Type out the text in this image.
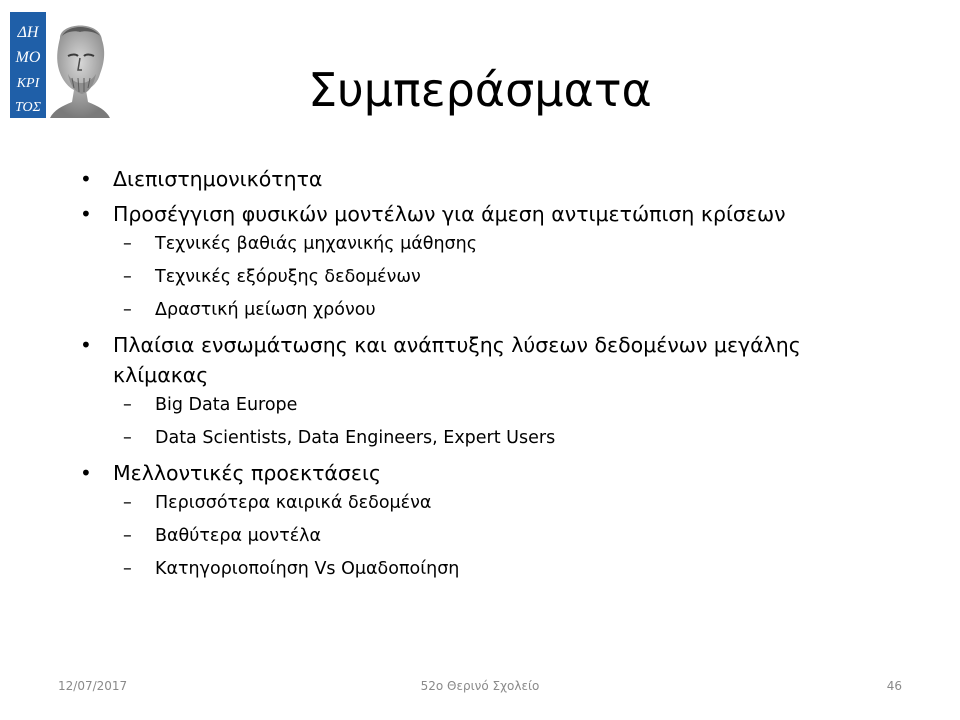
ΔΗ
ΜΟ
ΚΡΙ
ΤΟΣ	Συμπεράσματα
• Διεπιστημονικότητα
• Προσέγγιση φυσικών μοντέλων για άμεση αντιμετώπιση κρίσεων
– Τεχνικές βαθιάς μηχανικής μάθησης
– Τεχνικές εξόρυξης δεδομένων
– Δραστική μείωση χρόνου
• Πλαίσια ενσωμάτωσης και ανάπτυξης λύσεων δεδομένων μεγάλης κλίμακας
– Big Data Europe
– Data Scientists, Data Engineers, Expert Users
• Μελλοντικές προεκτάσεις
– Περισσότερα καιρικά δεδομένα
– Βαθύτερα μοντέλα
– Κατηγοριοποίηση Vs Ομαδοποίηση
12/07/2017	52ο Θερινό Σχολείο	46
